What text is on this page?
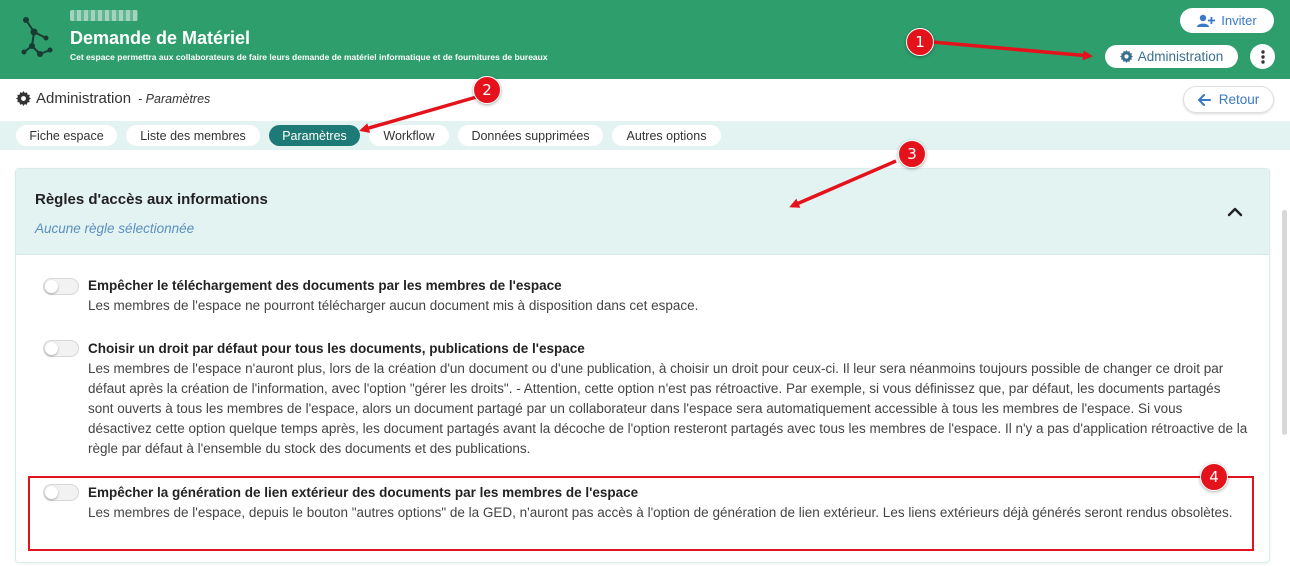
Demande de Matériel
Cet espace permettra aux collaborateurs de faire leurs demande de matériel informatique et de fournitures de bureaux
Inviter
Administration
Administration - Paramètres	Retour
Fiche espace	Liste des membres	Paramètres	Workflow	Données supprimées	Autres options
Règles d'accès aux informations
Aucune règle sélectionnée
Empêcher le téléchargement des documents par les membres de l'espace
Les membres de l'espace ne pourront télécharger aucun document mis à disposition dans cet espace.
Choisir un droit par défaut pour tous les documents, publications de l'espace
Les membres de l'espace n'auront plus, lors de la création d'un document ou d'une publication, à choisir un droit pour ceux-ci. Il leur sera néanmoins toujours possible de changer ce droit par défaut après la création de l'information, avec l'option "gérer les droits". - Attention, cette option n'est pas rétroactive. Par exemple, si vous définissez que, par défaut, les documents partagés sont ouverts à tous les membres de l'espace, alors un document partagé par un collaborateur dans l'espace sera automatiquement accessible à tous les membres de l'espace. Si vous désactivez cette option quelque temps après, les document partagés avant la décoche de l'option resteront partagés avec tous les membres de l'espace. Il n'y a pas d'application rétroactive de la règle par défaut à l'ensemble du stock des documents et des publications.
Empêcher la génération de lien extérieur des documents par les membres de l'espace
Les membres de l'espace, depuis le bouton "autres options" de la GED, n'auront pas accès à l'option de génération de lien extérieur. Les liens extérieurs déjà générés seront rendus obsolètes.
1
2
3
4
